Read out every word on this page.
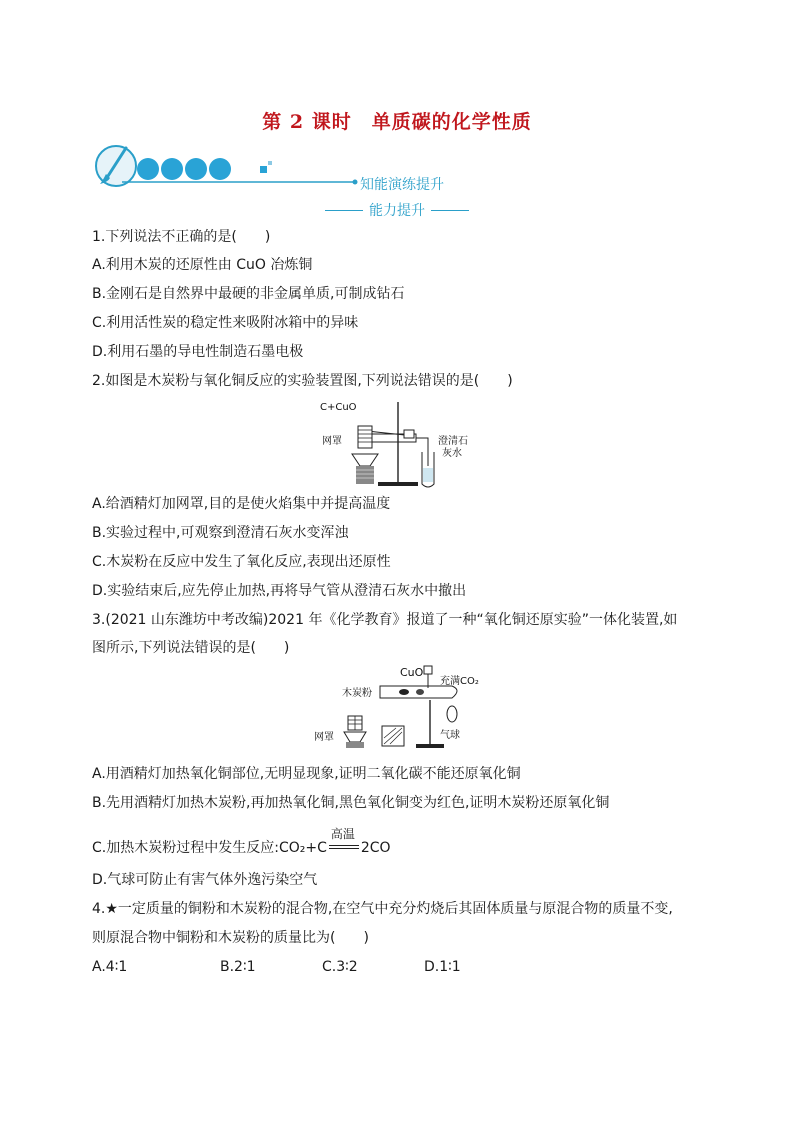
第 2 课时　单质碳的化学性质
知能演练提升
能力提升
1.下列说法不正确的是(　　)
A.利用木炭的还原性由 CuO 冶炼铜
B.金刚石是自然界中最硬的非金属单质,可制成钻石
C.利用活性炭的稳定性来吸附冰箱中的异味
D.利用石墨的导电性制造石墨电极
2.如图是木炭粉与氧化铜反应的实验装置图,下列说法错误的是(　　)
C+CuO
网罩	澄清石
灰水
A.给酒精灯加网罩,目的是使火焰集中并提高温度
B.实验过程中,可观察到澄清石灰水变浑浊
C.木炭粉在反应中发生了氧化反应,表现出还原性
D.实验结束后,应先停止加热,再将导气管从澄清石灰水中撤出
3.(2021 山东潍坊中考改编)2021 年《化学教育》报道了一种“氧化铜还原实验”一体化装置,如
图所示,下列说法错误的是(　　)
CuO
充满CO₂
木炭粉
网罩	气球
A.用酒精灯加热氧化铜部位,无明显现象,证明二氧化碳不能还原氧化铜
B.先用酒精灯加热木炭粉,再加热氧化铜,黑色氧化铜变为红色,证明木炭粉还原氧化铜
C.加热木炭粉过程中发生反应:CO₂+C
高温
2CO
D.气球可防止有害气体外逸污染空气
4.★一定质量的铜粉和木炭粉的混合物,在空气中充分灼烧后其固体质量与原混合物的质量不变,
则原混合物中铜粉和木炭粉的质量比为(　　)
A.4∶1	B.2∶1	C.3∶2	D.1∶1
